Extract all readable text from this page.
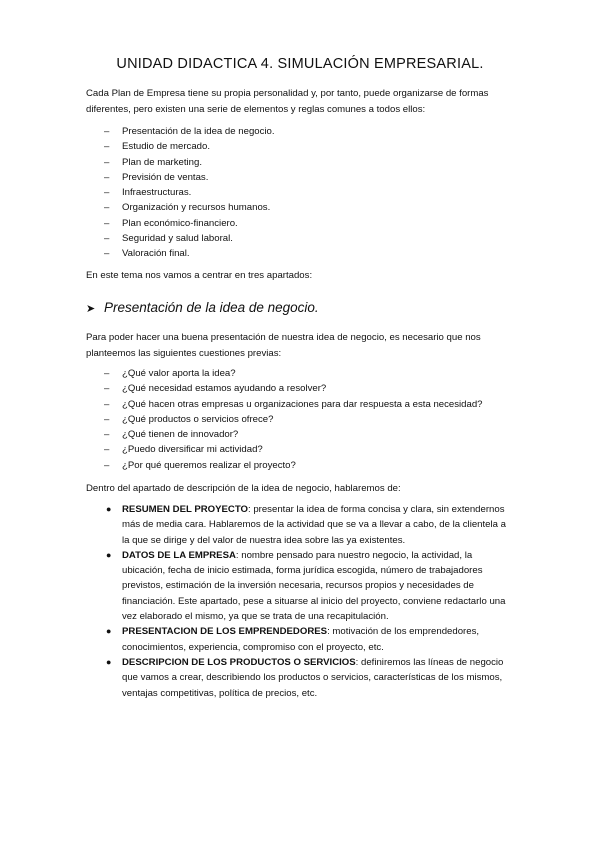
UNIDAD DIDACTICA 4. SIMULACIÓN EMPRESARIAL.
Cada Plan de Empresa tiene su propia personalidad y, por tanto, puede organizarse de formas diferentes, pero existen una serie de elementos y reglas comunes a todos ellos:
– Presentación de la idea de negocio.
– Estudio de mercado.
– Plan de marketing.
– Previsión de ventas.
– Infraestructuras.
– Organización y recursos humanos.
– Plan económico-financiero.
– Seguridad y salud laboral.
– Valoración final.
En este tema nos vamos a centrar en tres apartados:
➤ Presentación de la idea de negocio.
Para poder hacer una buena presentación de nuestra idea de negocio, es necesario que nos planteemos las siguientes cuestiones previas:
– ¿Qué valor aporta la idea?
– ¿Qué necesidad estamos ayudando a resolver?
– ¿Qué hacen otras empresas u organizaciones para dar respuesta a esta necesidad?
– ¿Qué productos o servicios ofrece?
– ¿Qué tienen de innovador?
– ¿Puedo diversificar mi actividad?
– ¿Por qué queremos realizar el proyecto?
Dentro del apartado de descripción de la idea de negocio, hablaremos de:
● RESUMEN DEL PROYECTO: presentar la idea de forma concisa y clara, sin extendernos más de media cara. Hablaremos de la actividad que se va a llevar a cabo, de la clientela a la que se dirige y del valor de nuestra idea sobre las ya existentes.
● DATOS DE LA EMPRESA: nombre pensado para nuestro negocio, la actividad, la ubicación, fecha de inicio estimada, forma jurídica escogida, número de trabajadores previstos, estimación de la inversión necesaria, recursos propios y necesidades de financiación. Este apartado, pese a situarse al inicio del proyecto, conviene redactarlo una vez elaborado el mismo, ya que se trata de una recapitulación.
● PRESENTACION DE LOS EMPRENDEDORES: motivación de los emprendedores, conocimientos, experiencia, compromiso con el proyecto, etc.
● DESCRIPCION DE LOS PRODUCTOS O SERVICIOS: definiremos las líneas de negocio que vamos a crear, describiendo los productos o servicios, características de los mismos, ventajas competitivas, política de precios, etc.
